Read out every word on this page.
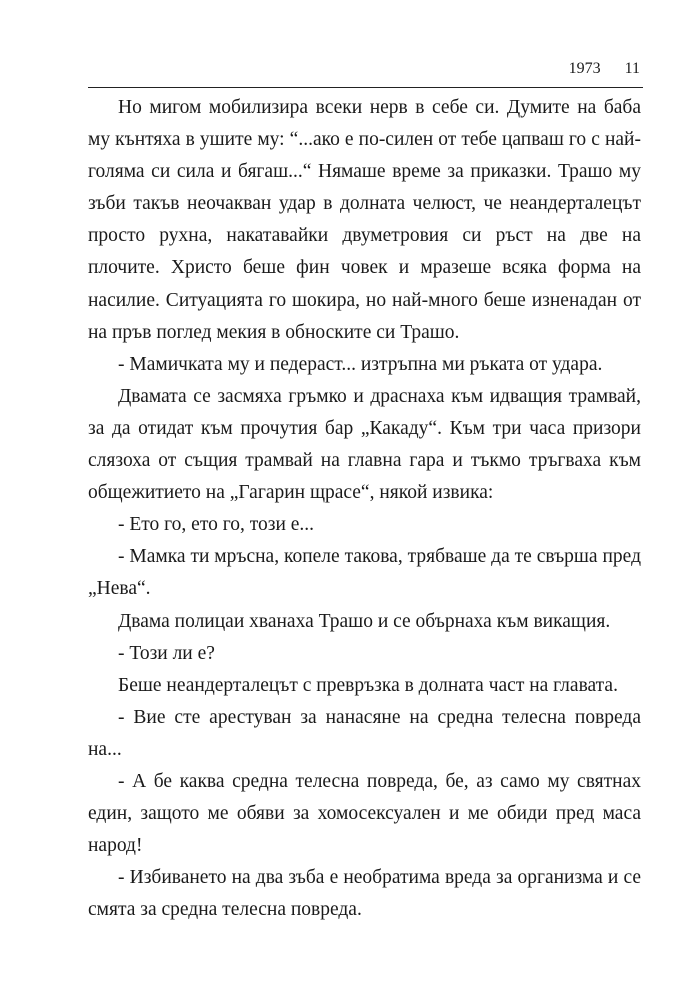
1973 11

Но мигом мобилизира всеки нерв в себе си. Думите на баба му кънтяха в ушите му: “...ако е по-силен от тебе цапваш го с най-голяма си сила и бягаш...“ Нямаше време за приказки. Трашо му зъби такъв неочакван удар в долната челюст, че неандерталецът просто рухна, накатавайки двуметровия си ръст на две на плочите. Христо беше фин човек и мразеше всяка форма на насилие. Ситуацията го шокира, но най-много беше изненадан от на пръв поглед мекия в обноските си Трашо.

- Мамичката му и педераст... изтръпна ми ръката от удара.

Двамата се засмяха гръмко и драснаха към идващия трамвай, за да отидат към прочутия бар „Какаду“. Към три часа призори слязоха от същия трамвай на главна гара и тъкмо тръгваха към общежитието на „Гагарин щрасе“, някой извика:

- Ето го, ето го, този е...

- Мамка ти мръсна, копеле такова, трябваше да те свърша пред „Нева“.

Двама полицаи хванаха Трашо и се обърнаха към викащия.

- Този ли е?

Беше неандерталецът с превръзка в долната част на главата.

- Вие сте арестуван за нанасяне на средна телесна повреда на...

- А бе каква средна телесна повреда, бе, аз само му святнах един, защото ме обяви за хомосексуален и ме обиди пред маса народ!

- Избиването на два зъба е необратима вреда за организма и се смята за средна телесна повреда.
